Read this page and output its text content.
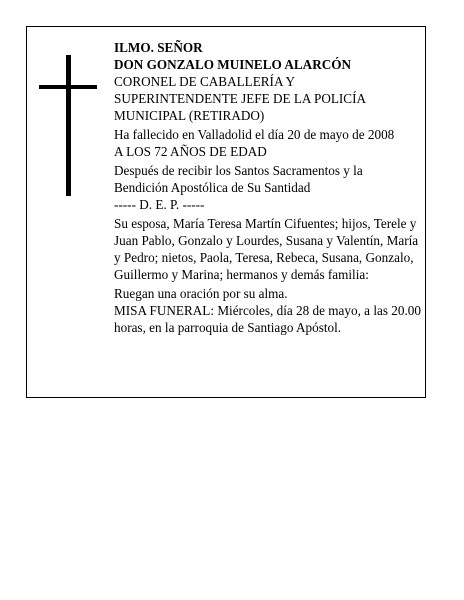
ILMO. SEÑOR

DON GONZALO MUINELO ALARCÓN

CORONEL DE CABALLERÍA Y

SUPERINTENDENTE JEFE DE LA POLICÍA

MUNICIPAL (RETIRADO)

Ha fallecido en Valladolid el día 20 de mayo de 2008

A LOS 72 AÑOS DE EDAD

Después de recibir los Santos Sacramentos y la

Bendición Apostólica de Su Santidad

----- D. E. P. -----

Su esposa, María Teresa Martín Cifuentes; hijos, Terele y Juan Pablo, Gonzalo y Lourdes, Susana y Valentín, María y Pedro; nietos, Paola, Teresa, Rebeca, Susana, Gonzalo, Guillermo y Marina; hermanos y demás familia:

Ruegan una oración por su alma.

MISA FUNERAL: Miércoles, día 28 de mayo, a las 20.00 horas, en la parroquia de Santiago Apóstol.
